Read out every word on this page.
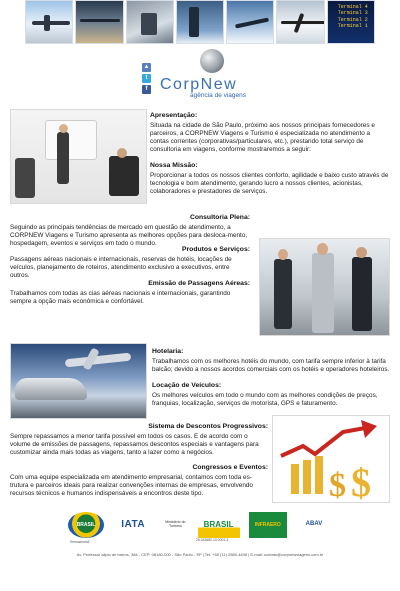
Terminal 4
Terminal 3
Terminal 2
Terminal 1
▲
t
f CorpNew
agência de viagens
Apresentação:
Situada na cidade de São Paulo, próximo aos nossos principais fornecedores e parceiros, a CORPNEW Viagens e Turismo é especializada no atendimento a contas correntes (corporativas/particulares, etc.), prestando total serviço de consultoria em viagens, conforme mostraremos a seguir:
Nossa Missão:
Proporcionar a todos os nossos clientes conforto, agilidade e baixo custo através de tecnologia e bom atendimento, gerando lucro a nossos clientes, acionistas, colaboradores e prestadores de serviços.
Consultoria Plena:
Seguindo as principais tendências de mercado em questão de atendimento, a CORPNEW Viagens e Turismo apresenta as melhores opções para desloca-mento, hospedagem, eventos e serviços em todo o mundo.
Produtos e Serviços:
Passagens aéreas nacionais e internacionais, reservas de hotéis, locações de veículos, planejamento de roteiros, atendimento exclusivo a executivos, entre outros.
Emissão de Passagens Aéreas:
Trabalhamos com todas as cias aéreas nacionais e internacionais, garantindo sempre a opção mais econômica e confortável.
Hotelaria:
Trabalhamos com os melhores hotéis do mundo, com tarifa sempre inferior à tarifa balcão; devido a nossos acordos comerciais com os hotéis e operadores hoteleiros.
Locação de Veículos:
Os melhores veículos em todo o mundo com as melhores condições de preços, franquias, localização, serviços de motorista, GPS e faturamento.
$ $
Sistema de Descontos Progressivos:
Sempre repassamos a menor tarifa possível em todos os casos. E de acordo com o volume de emissões de passagens, repassamos descontos especiais e vantagens para customizar ainda mais todas as viagens, tanto a lazer como a negócios.
Congressos e Eventos:
Com uma equipe especializada em atendimento empresarial, contamos com toda es-trutura e parceiros ideais para realizar convenções internas de empresas, envolvendo recursos técnicos e humanos indispensáveis a encontros deste tipo.
BRASIL	IATA	Ministério do Turismo	BRASIL	INFRAERO	ABAV
Sensacional!	26.043680.10.0001-3
Av. Professor alipio de barros, 384 - CEP: 08180-000 - São Paulo - SP | Tel: +55 (11) 2585-4408 | E-mail: contato@corpnewviagens.com.br
